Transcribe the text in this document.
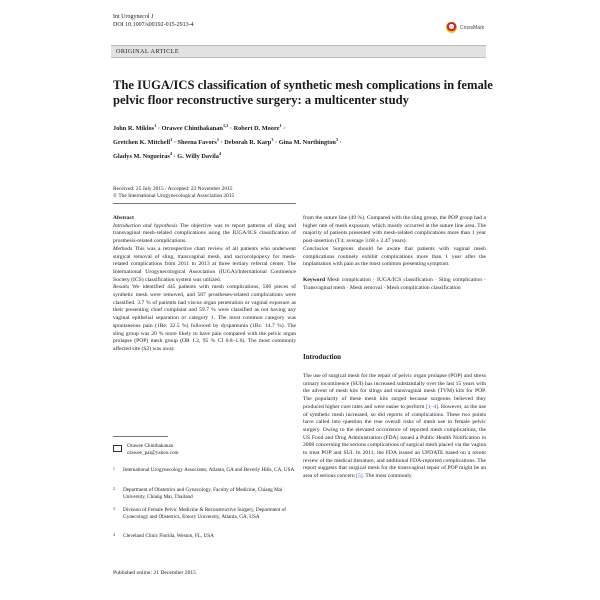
Int Urogynecol J
DOI 10.1007/s00192-015-2913-4	CrossMark
ORIGINAL ARTICLE
The IUGA/ICS classification of synthetic mesh complications in female pelvic floor reconstructive surgery: a multicenter study
John R. Miklos$^1$ · Orawee Chinthakanan$^{1,2}$ · Robert D. Moore$^1$ ·
Gretchen K. Mitchell$^1$ · Sheena Favors$^1$ · Deborah R. Karp$^3$ · Gina M. Northington$^3$ ·
Gladys M. Nogueiras$^4$ · G. Willy Davila$^4$
Received: 25 July 2015 / Accepted: 23 November 2015
© The International Urogynecological Association 2015

Abstract

Introduction and hypothesis The objective was to report patterns of sling and transvaginal mesh-related complications using the IUGA/ICS classification of prosthesis-related complications.

Methods This was a retrospective chart review of all patients who underwent surgical removal of sling, transvaginal mesh, and sacrocolpopexy for mesh-related complications from 2011 to 2013 at three tertiary referral center. The International Urogynecological Association (IUGA)/International Continence Society (ICS) classification system was utilized.

Results We identified 445 patients with mesh complications, 506 pieces of synthetic mesh were removed, and 587 prostheses-related complications were classified. 3.7 % of patients had viscus organ penetration or vaginal exposure as their presenting chief complaint and 59.7 % were classified as not having any vaginal epithelial separation or category 1. The most common category was spontaneous pain (1Be: 32.5 %) followed by dyspareunia (1Bc: 14.7 %). The sling group was 20 % more likely to have pain compared with the pelvic organ prolapse (POP) mesh group (OR 1.2, 95 % CI 0.8–1.6). The most commonly affected site (S2) was away

Orawee Chinthakanan
orawee_pai@yahoo.com
1	International Urogynecology Associates, Atlanta, GA and Beverly Hills, CA, USA
2	Department of Obstetrics and Gynecology, Faculty of Medicine, Chiang Mai University, Chiang Mai, Thailand
3	Division of Female Pelvic Medicine & Reconstructive Surgery, Department of Gynecology and Obstetrics, Emory University, Atlanta, GA, USA
4	Cleveland Clinic Florida, Weston, FL, USA

from the suture line (49 %). Compared with the sling group, the POP group had a higher rate of mesh exposure, which mostly occurred at the suture line area. The majority of patients presented with mesh-related complications more than 1 year post-insertion (T4; average 3.68 ± 2.47 years).

Conclusion Surgeons should be aware that patients with vaginal mesh complications routinely exhibit complications more than 1 year after the implantation with pain as the most common presenting symptom.

Keyword Mesh complication · IUGA/ICS classification · Sling complication · Transvaginal mesh · Mesh removal · Mesh complication classification

Introduction

The use of surgical mesh for the repair of pelvic organ prolapse (POP) and stress urinary incontinence (SUI) has increased substantially over the last 15 years with the advent of mesh kits for slings and transvaginal mesh (TVM) kits for POP. The popularity of these mesh kits surged because surgeons believed they produced higher cure rates and were easier to perform [1–4]. However, as the use of synthetic mesh increased, so did reports of complications. These two points have called into question the true overall risks of mesh use in female pelvic surgery. Owing to the elevated occurrence of reported mesh complications, the US Food and Drug Administration (FDA) issued a Public Health Notification in 2008 concerning the serious complications of surgical mesh placed via the vagina to treat POP and SUI. In 2011, the FDA issued an UPDATE based on a recent review of the medical literature, and additional FDA-reported complications. The report suggests that surgical mesh for the transvaginal repair of POP might be an area of serious concern [5]. The most commonly

Published online: 21 December 2015
